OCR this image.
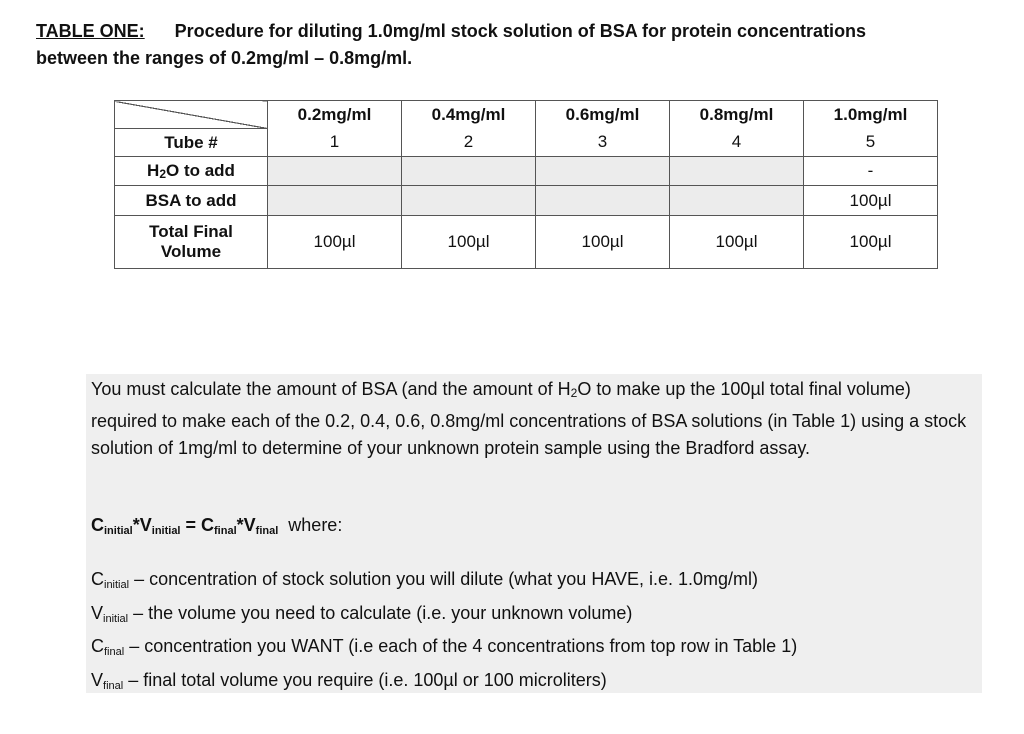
TABLE ONE: Procedure for diluting 1.0mg/ml stock solution of BSA for protein concentrations
between the ranges of 0.2mg/ml – 0.8mg/ml.
	0.2mg/ml	0.4mg/ml	0.6mg/ml	0.8mg/ml	1.0mg/ml
Tube #	1	2	3	4	5
$H_2O$ to add					-
BSA to add					100µl
Total Final
Volume	100µl	100µl	100µl	100µl	100µl
You must calculate the amount of BSA (and the amount of $H_2O$ to make up the 100µl total final volume) required to make each of the 0.2, 0.4, 0.6, 0.8mg/ml concentrations of BSA solutions (in Table 1) using a stock solution of 1mg/ml to determine of your unknown protein sample using the Bradford assay.
$C_{initial}*V_{initial} = C_{final}*V_{final}$ where:
$C_{initial}$ – concentration of stock solution you will dilute (what you HAVE, i.e. 1.0mg/ml)
$V_{initial}$ – the volume you need to calculate (i.e. your unknown volume)
$C_{final}$ – concentration you WANT (i.e each of the 4 concentrations from top row in Table 1)
$V_{final}$ – final total volume you require (i.e. 100µl or 100 microliters)
